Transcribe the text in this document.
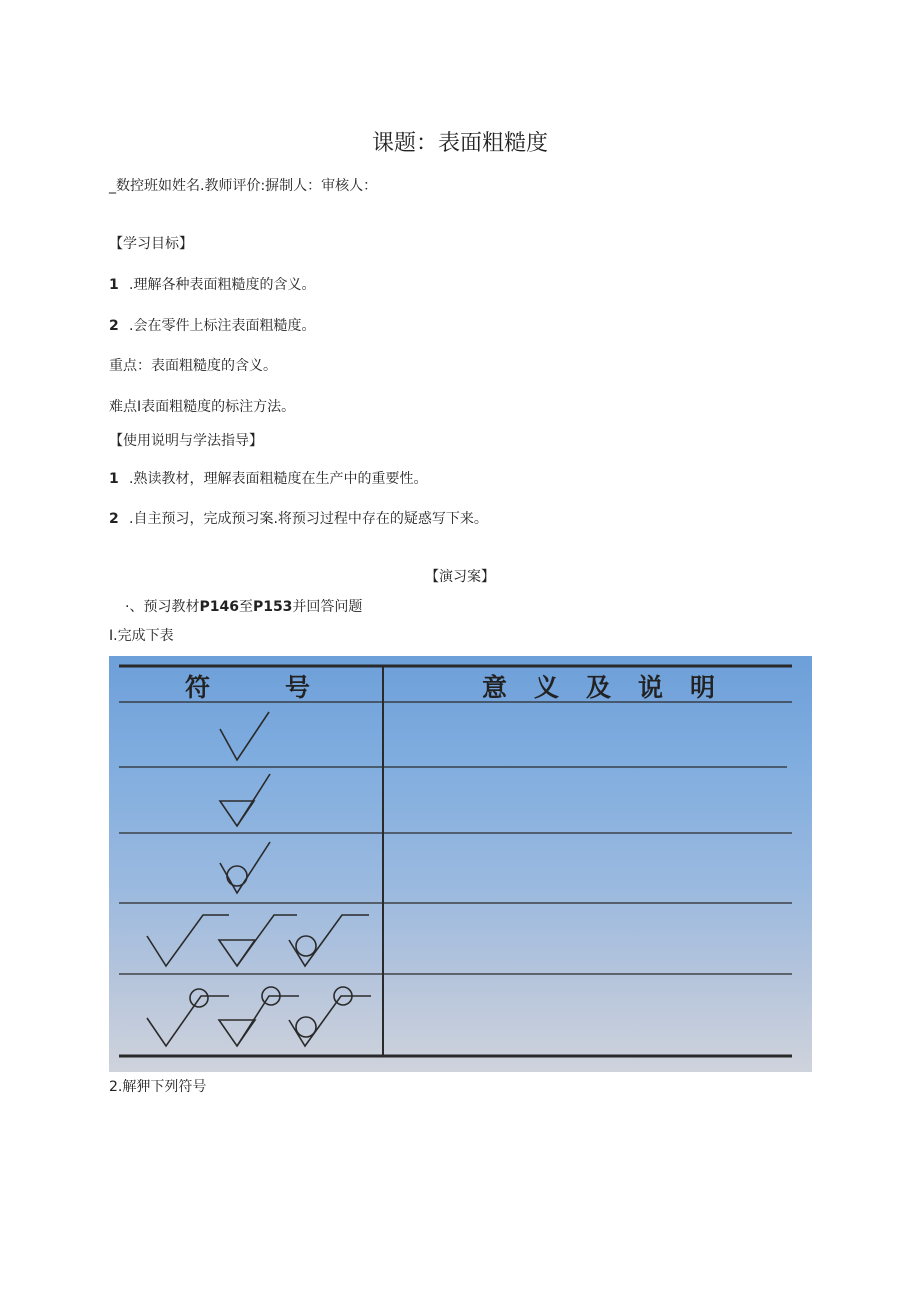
课题：表面粗糙度
_数控班如姓名.教师评价:摒制人：审核人：
【学习目标】
1 .理解各种表面粗糙度的含义。
2 .会在零件上标注表面粗糙度。
重点：表面粗糙度的含义。
难点I表面粗糙度的标注方法。
【使用说明与学法指导】
1 .熟读教材，理解表面粗糙度在生产中的重要性。
2 .自主预习，完成预习案.将预习过程中存在的疑惑写下来。
【演习案】
·、预习教材P146至P153并回答问题
I.完成下表
符	号	意义及说明
2.解狎下列符号
